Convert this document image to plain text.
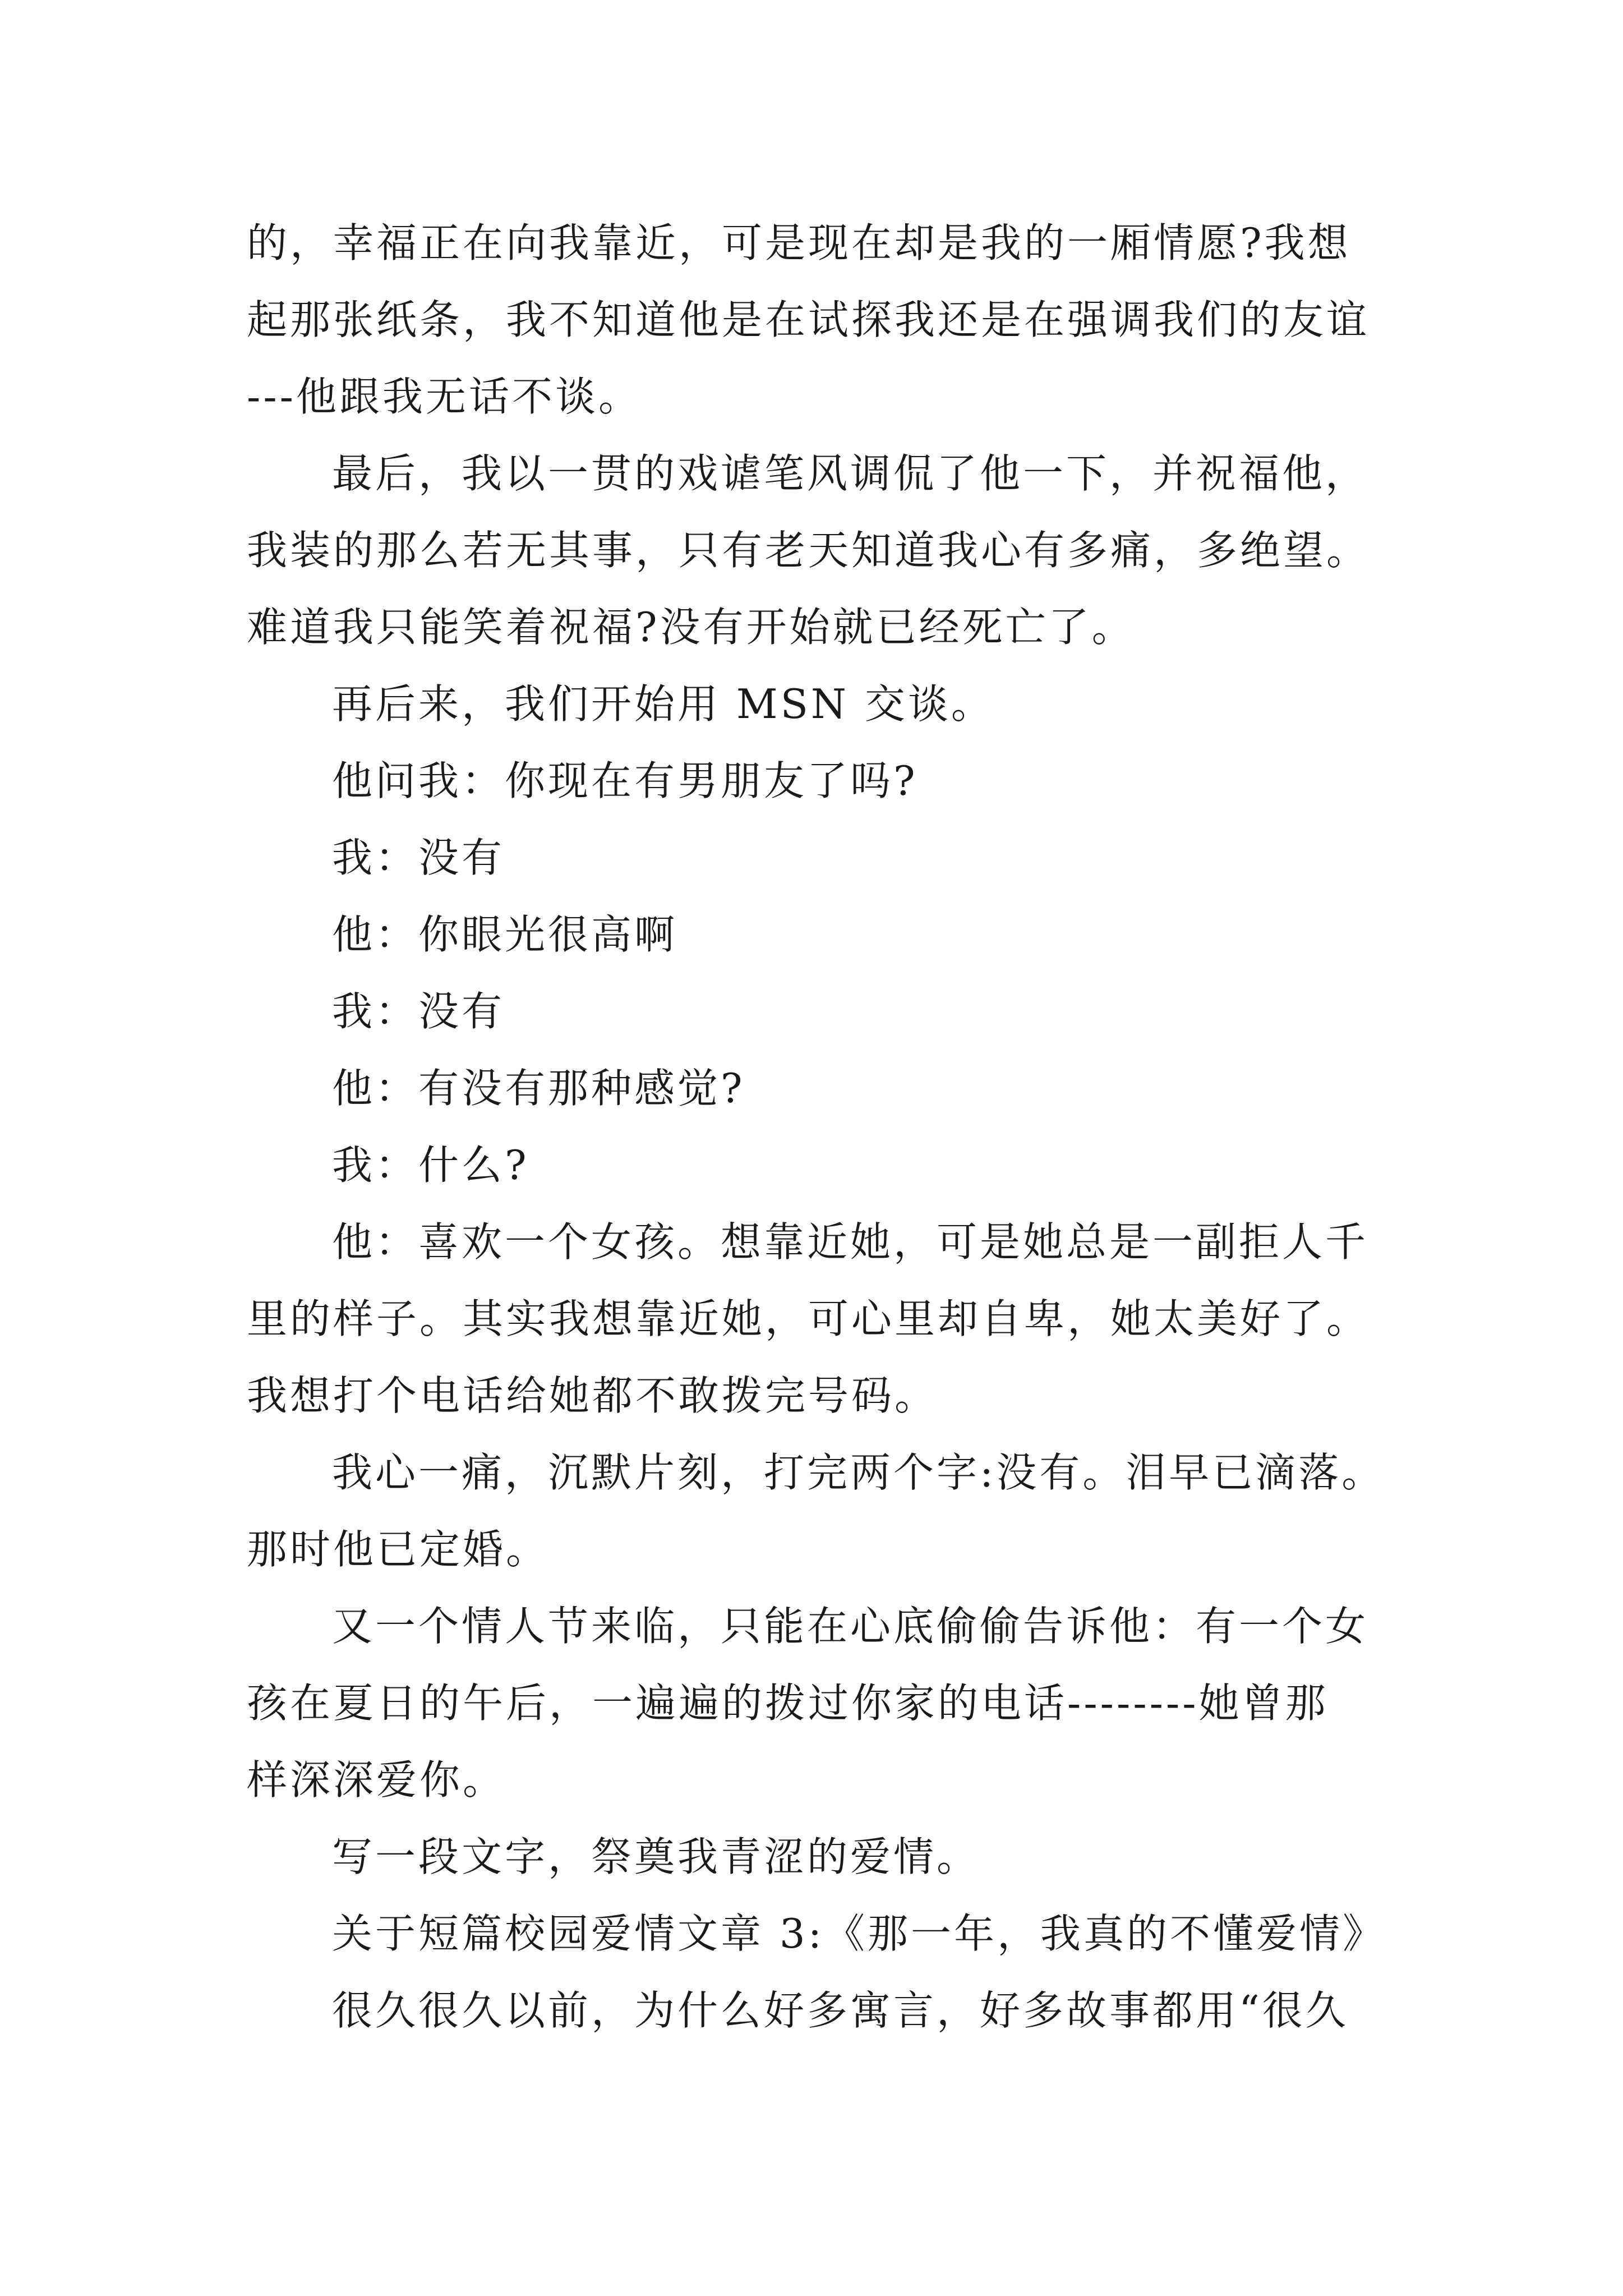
的，幸福正在向我靠近，可是现在却是我的一厢情愿?我想
起那张纸条，我不知道他是在试探我还是在强调我们的友谊
---他跟我无话不谈。
最后，我以一贯的戏谑笔风调侃了他一下，并祝福他，
我装的那么若无其事，只有老天知道我心有多痛，多绝望。
难道我只能笑着祝福?没有开始就已经死亡了。
再后来，我们开始用 MSN 交谈。
他问我：你现在有男朋友了吗?
我：没有
他：你眼光很高啊
我：没有
他：有没有那种感觉?
我：什么?
他：喜欢一个女孩。想靠近她，可是她总是一副拒人千
里的样子。其实我想靠近她，可心里却自卑，她太美好了。
我想打个电话给她都不敢拨完号码。
我心一痛，沉默片刻，打完两个字:没有。泪早已滴落。
那时他已定婚。
又一个情人节来临，只能在心底偷偷告诉他：有一个女
孩在夏日的午后，一遍遍的拨过你家的电话--------她曾那
样深深爱你。
写一段文字，祭奠我青涩的爱情。
关于短篇校园爱情文章 3:《那一年，我真的不懂爱情》
很久很久以前，为什么好多寓言，好多故事都用“很久
